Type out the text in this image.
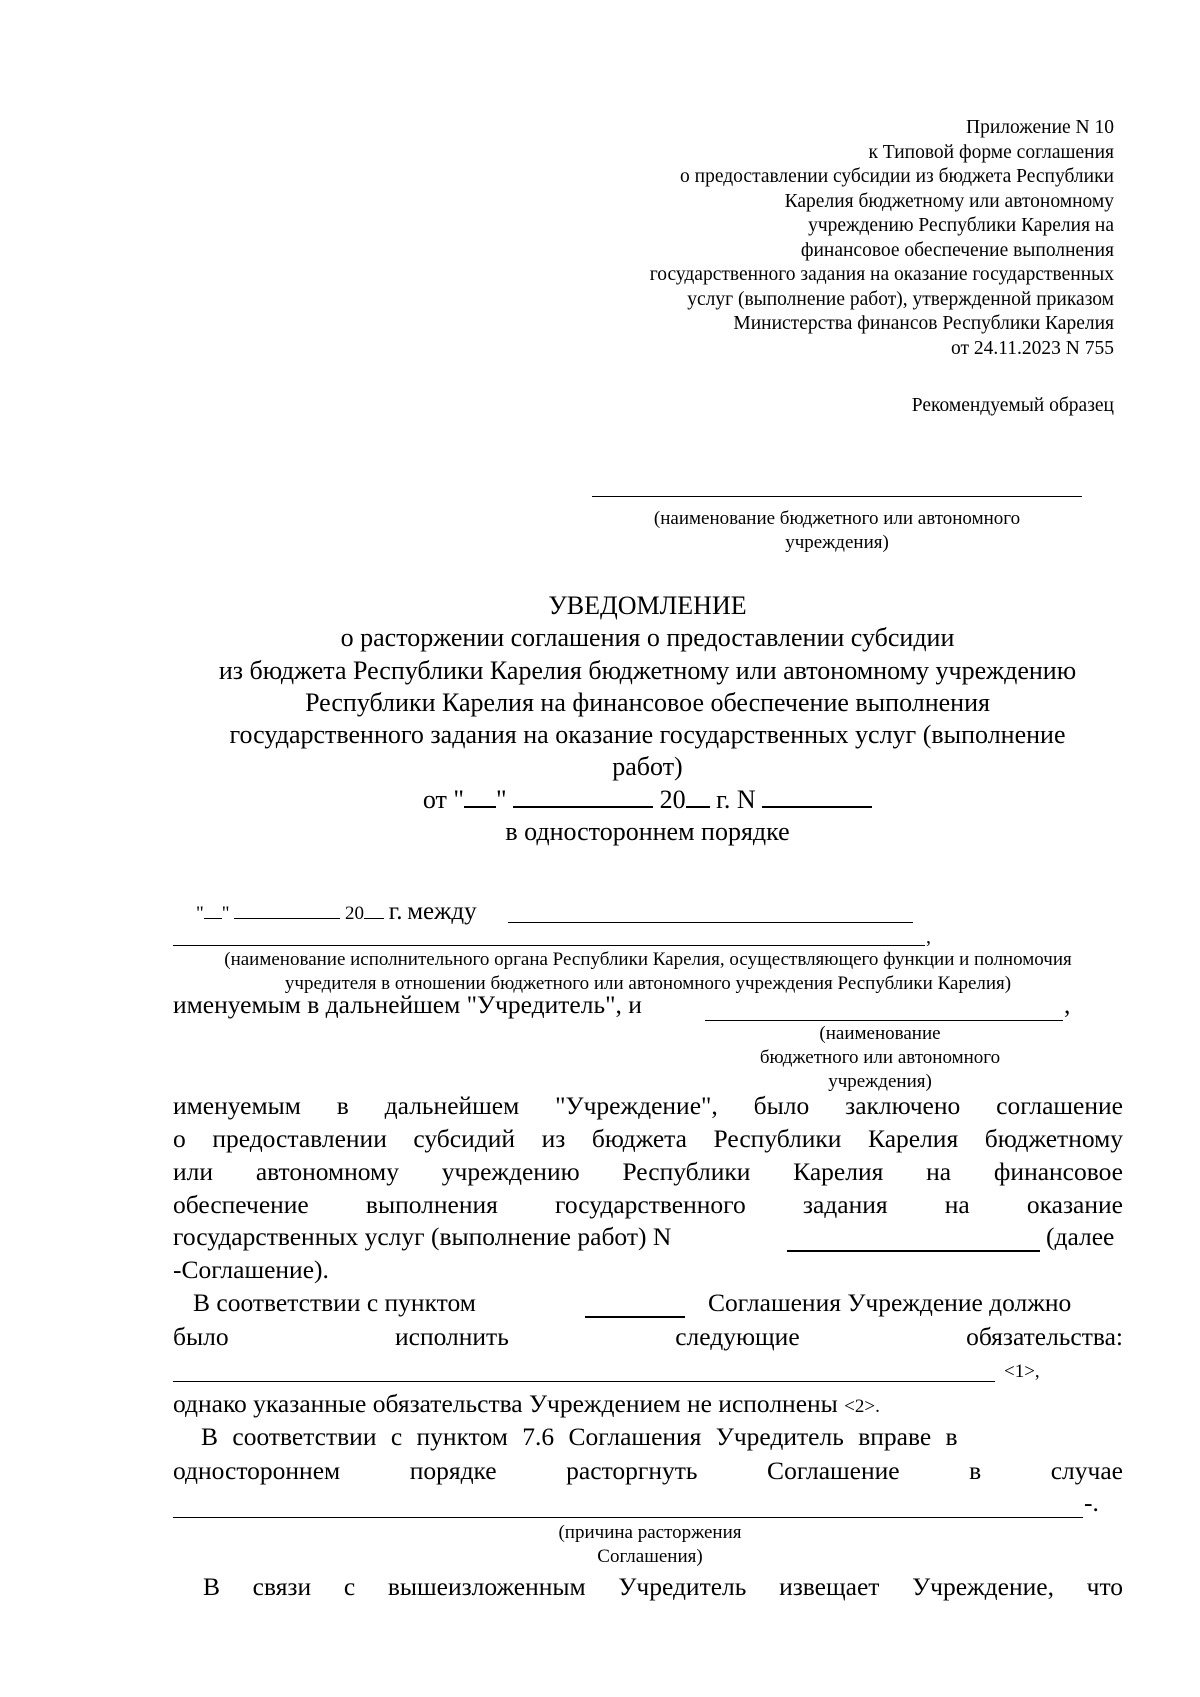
Приложение N 10
к Типовой форме соглашения
о предоставлении субсидии из бюджета Республики
Карелия бюджетному или автономному
учреждению Республики Карелия на
финансовое обеспечение выполнения
государственного задания на оказание государственных
услуг (выполнение работ), утвержденной приказом
Министерства финансов Республики Карелия
от 24.11.2023 N 755
Рекомендуемый образец
(наименование бюджетного или автономного
учреждения)
УВЕДОМЛЕНИЕ
о расторжении соглашения о предоставлении субсидии
из бюджета Республики Карелия бюджетному или автономному учреждению
Республики Карелия на финансовое обеспечение выполнения
государственного задания на оказание государственных услуг (выполнение
работ)
от " "	20 г. N
в одностороннем порядке
" "	20 г. между
,
(наименование исполнительного органа Республики Карелия, осуществляющего функции и полномочия
учредителя в отношении бюджетного или автономного учреждения Республики Карелия)
именуемым в дальнейшем "Учредитель", и	,
(наименование
бюджетного или автономного
учреждения)
именуемым в дальнейшем "Учреждение", было заключено соглашение
о предоставлении субсидий из бюджета Республики Карелия бюджетному
или автономному учреждению Республики Карелия на финансовое
обеспечение выполнения государственного задания на оказание
государственных услуг (выполнение работ) N	(далее
-Соглашение).
В соответствии с пунктом	Соглашения Учреждение должно
было исполнить следующие обязательства:
<1>,
однако указанные обязательства Учреждением не исполнены <2>.
В соответствии с пунктом 7.6 Соглашения Учредитель вправе в
одностороннем порядке расторгнуть Соглашение в случае
-.
(причина расторжения
Соглашения)
В связи с вышеизложенным Учредитель извещает Учреждение, что
